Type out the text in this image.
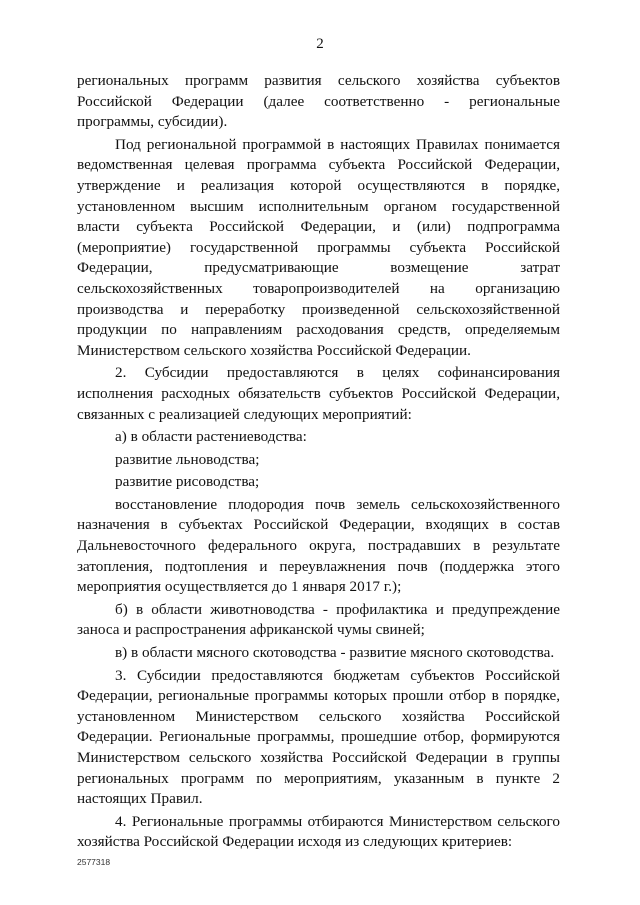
2

региональных программ развития сельского хозяйства субъектов Российской Федерации (далее соответственно - региональные программы, субсидии).

Под региональной программой в настоящих Правилах понимается ведомственная целевая программа субъекта Российской Федерации, утверждение и реализация которой осуществляются в порядке, установленном высшим исполнительным органом государственной власти субъекта Российской Федерации, и (или) подпрограмма (мероприятие) государственной программы субъекта Российской Федерации, предусматривающие возмещение затрат сельскохозяйственных товаропроизводителей на организацию производства и переработку произведенной сельскохозяйственной продукции по направлениям расходования средств, определяемым Министерством сельского хозяйства Российской Федерации.

2. Субсидии предоставляются в целях софинансирования исполнения расходных обязательств субъектов Российской Федерации, связанных с реализацией следующих мероприятий:

а) в области растениеводства:

развитие льноводства;

развитие рисоводства;

восстановление плодородия почв земель сельскохозяйственного назначения в субъектах Российской Федерации, входящих в состав Дальневосточного федерального округа, пострадавших в результате затопления, подтопления и переувлажнения почв (поддержка этого мероприятия осуществляется до 1 января 2017 г.);

б) в области животноводства - профилактика и предупреждение заноса и распространения африканской чумы свиней;

в) в области мясного скотоводства - развитие мясного скотоводства.

3. Субсидии предоставляются бюджетам субъектов Российской Федерации, региональные программы которых прошли отбор в порядке, установленном Министерством сельского хозяйства Российской Федерации. Региональные программы, прошедшие отбор, формируются Министерством сельского хозяйства Российской Федерации в группы региональных программ по мероприятиям, указанным в пункте 2 настоящих Правил.

4. Региональные программы отбираются Министерством сельского хозяйства Российской Федерации исходя из следующих критериев:

2577318
